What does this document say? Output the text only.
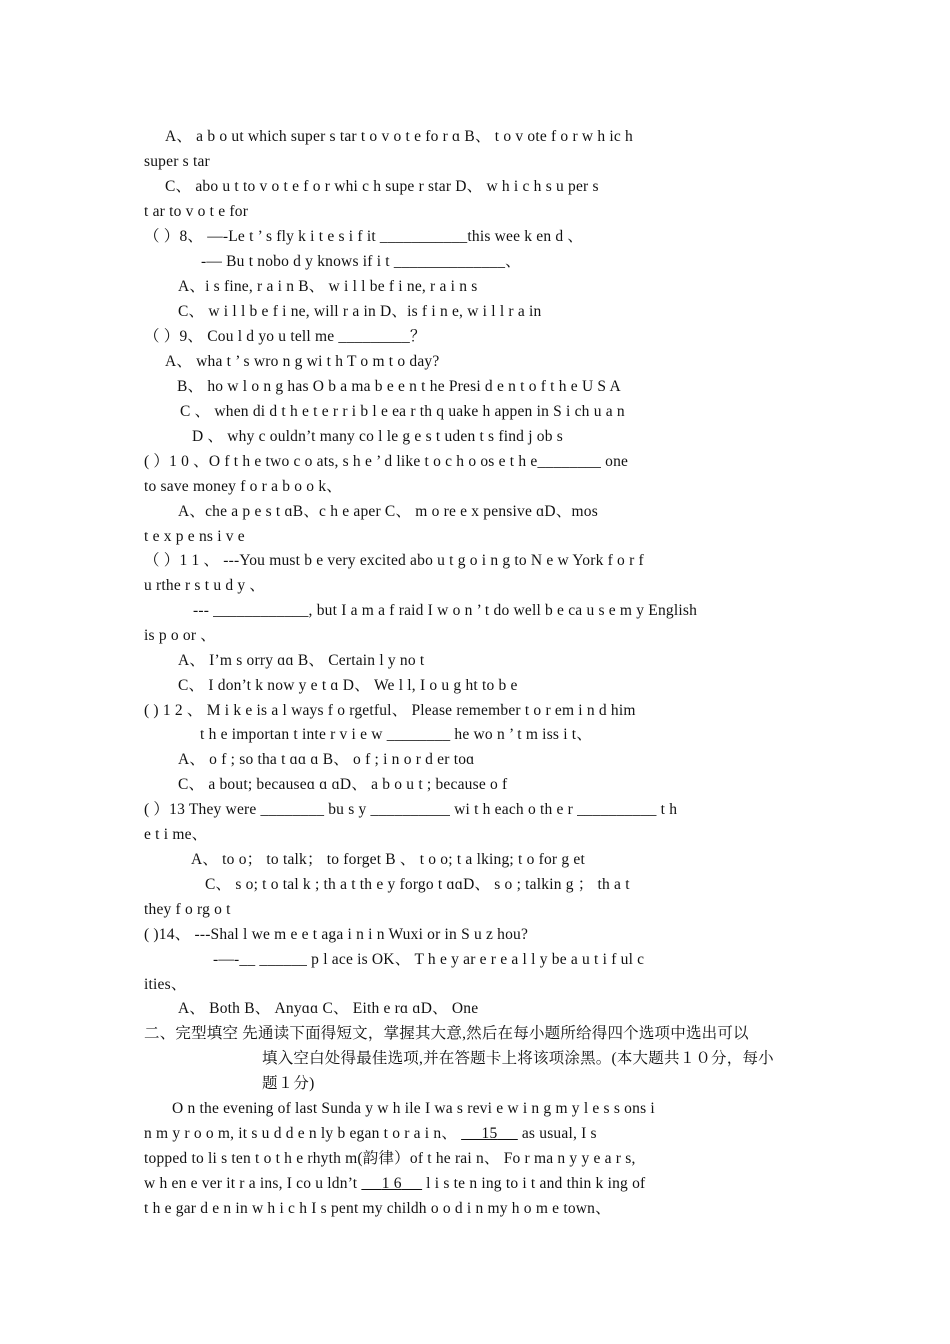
A、 a b o ut which super s tar t o v o t e fo r ɑ B、 t o v ote f o r w h ic h
super s tar
C、 abo u t to v o t e f o r whi c h supe r star D、 w h i c h s u per s
t ar to v o t e for
（ ）8、 —-Le t ’ s fly k i t e s i f it ___________this wee k en d 、
-— Bu t nobo d y knows if i t ______________、
A、i s fine, r a i n B、 w i l l be f i ne, r a i n s
C、 w i l l b e f i ne, will r a in D、is f i n e, w i l l r a in
（ ）9、 Cou l d yo u tell me _________？
A、 wha t ’ s wro n g wi t h T o m t o day?
B、 ho w l o n g has O b a ma b e e n t he Presi d e n t o f t h e U S A
C 、 when di d t h e t e r r i b l e ea r th q uake h appen in S i ch u a n
D 、 why c ouldn’t many co l le g e s t uden t s find j ob s
( ）1 0 、O f t h e two c o ats, s h e ’ d like t o c h o os e t h e________ one
to save money f o r a b o o k、
A、che a p e s t ɑB、c h e aper C、 m o re e x pensive ɑD、mos
t e x p e ns i v e
（ ）1 1 、 ---You must b e very excited abo u t g o i n g to N e w York f o r f
u rthe r s t u d y 、
--- ____________, but I a m a f raid I w o n ’ t do well b e ca u s e m y English
is p o or 、
A、 I’m s orry ɑɑ B、 Certain l y no t
C、 I don’t k now y e t ɑ D、 We l l, I o u g ht to b e
( ) 1 2 、 M i k e is a l ways f o rgetful、 Please remember t o r em i n d him
t h e importan t inte r v i e w ________ he wo n ’ t m iss i t、
A、 o f ; so tha t ɑɑ ɑ B、 o f ; i n o r d er toɑ
C、 a bout; becauseɑ ɑ ɑD、 a b o u t ; because o f
( ）13 They were ________ bu s y __________ wi t h each o th e r __________ t h
e t i me、
A、 to o； to talk； to forget B 、 t o o; t a lking; t o for g et
C、 s o; t o tal k ; th a t th e y forgo t ɑɑD、 s o ; talkin g ； th a t
they f o rg o t
( )14、 ---Shal l we m e e t aga i n i n Wuxi or in S u z hou?
-—-__ ______ p l ace is OK、 T h e y ar e r e a l l y be a u t i f ul c
ities、
A、 Both B、 Anyɑɑ C、 Eith e rɑ ɑD、 One
二、完型填空 先通读下面得短文，掌握其大意,然后在每小题所给得四个选项中选出可以
填入空白处得最佳选项,并在答题卡上将该项涂黑。(本大题共１０分，每小
题１分)
O n the evening of last Sunda y w h ile I wa s revi e w i n g m y l e s s ons i
n m y r o o m, it s u d d e n ly b egan t o r a i n、      15      as usual, I s
topped to li s ten t o t h e rhyth m(韵律）of t he rai n、 Fo r ma n y y e a r s,
w h en e ver it r a ins, I co u ldn’t      1 6      l i s te n ing to i t and thin k ing of
t h e gar d e n in w h i c h I s pent my childh o o d i n my h o m e town、
